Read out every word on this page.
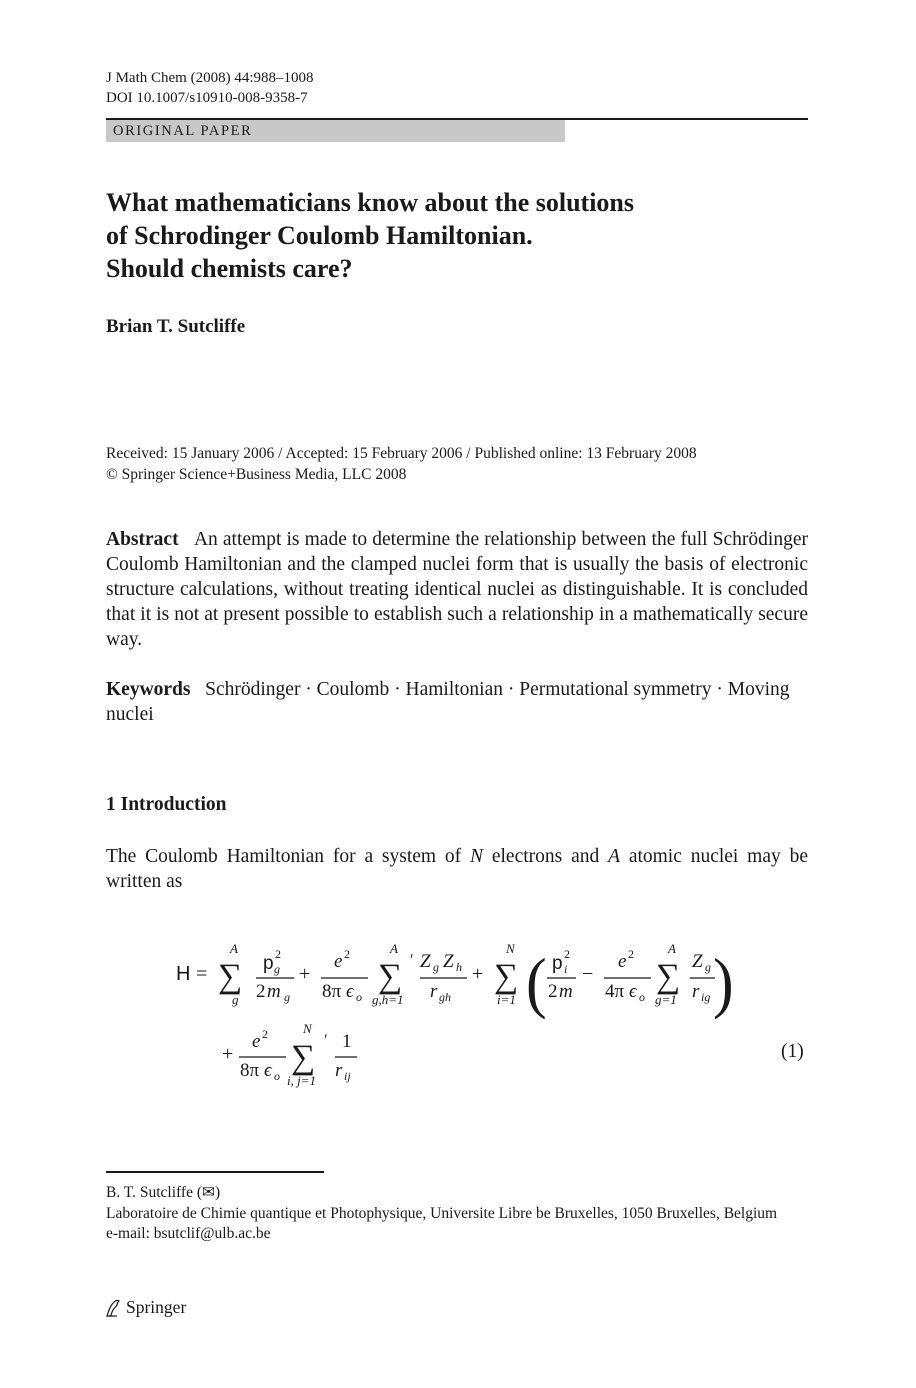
J Math Chem (2008) 44:988–1008
DOI 10.1007/s10910-008-9358-7
ORIGINAL PAPER
What mathematicians know about the solutions
of Schrodinger Coulomb Hamiltonian.
Should chemists care?
Brian T. Sutcliffe
Received: 15 January 2006 / Accepted: 15 February 2006 / Published online: 13 February 2008
© Springer Science+Business Media, LLC 2008
Abstract An attempt is made to determine the relationship between the full Schrödinger Coulomb Hamiltonian and the clamped nuclei form that is usually the basis of electronic structure calculations, without treating identical nuclei as distinguishable. It is concluded that it is not at present possible to establish such a relationship in a mathematically secure way.
Keywords Schrödinger · Coulomb · Hamiltonian · Permutational symmetry · Moving nuclei
1 Introduction
The Coulomb Hamiltonian for a system of N electrons and A atomic nuclei may be written as
H =
A
∑
g
p 2
g
2 m g
+
e 2
8π ϵ o
A
∑
g,h=1
′ Z g Z h
r gh
+
N
∑
i=1 ( p 2
i
2 m
−
e 2
4π ϵ o
A
∑
g=1
Z g
r ig )
+
e 2
8π ϵ o
N
∑
i, j=1
′ 1
r ij
(1)
B. T. Sutcliffe (✉)
Laboratoire de Chimie quantique et Photophysique, Universite Libre be Bruxelles, 1050 Bruxelles, Belgium
e-mail: bsutclif@ulb.ac.be
Springer
